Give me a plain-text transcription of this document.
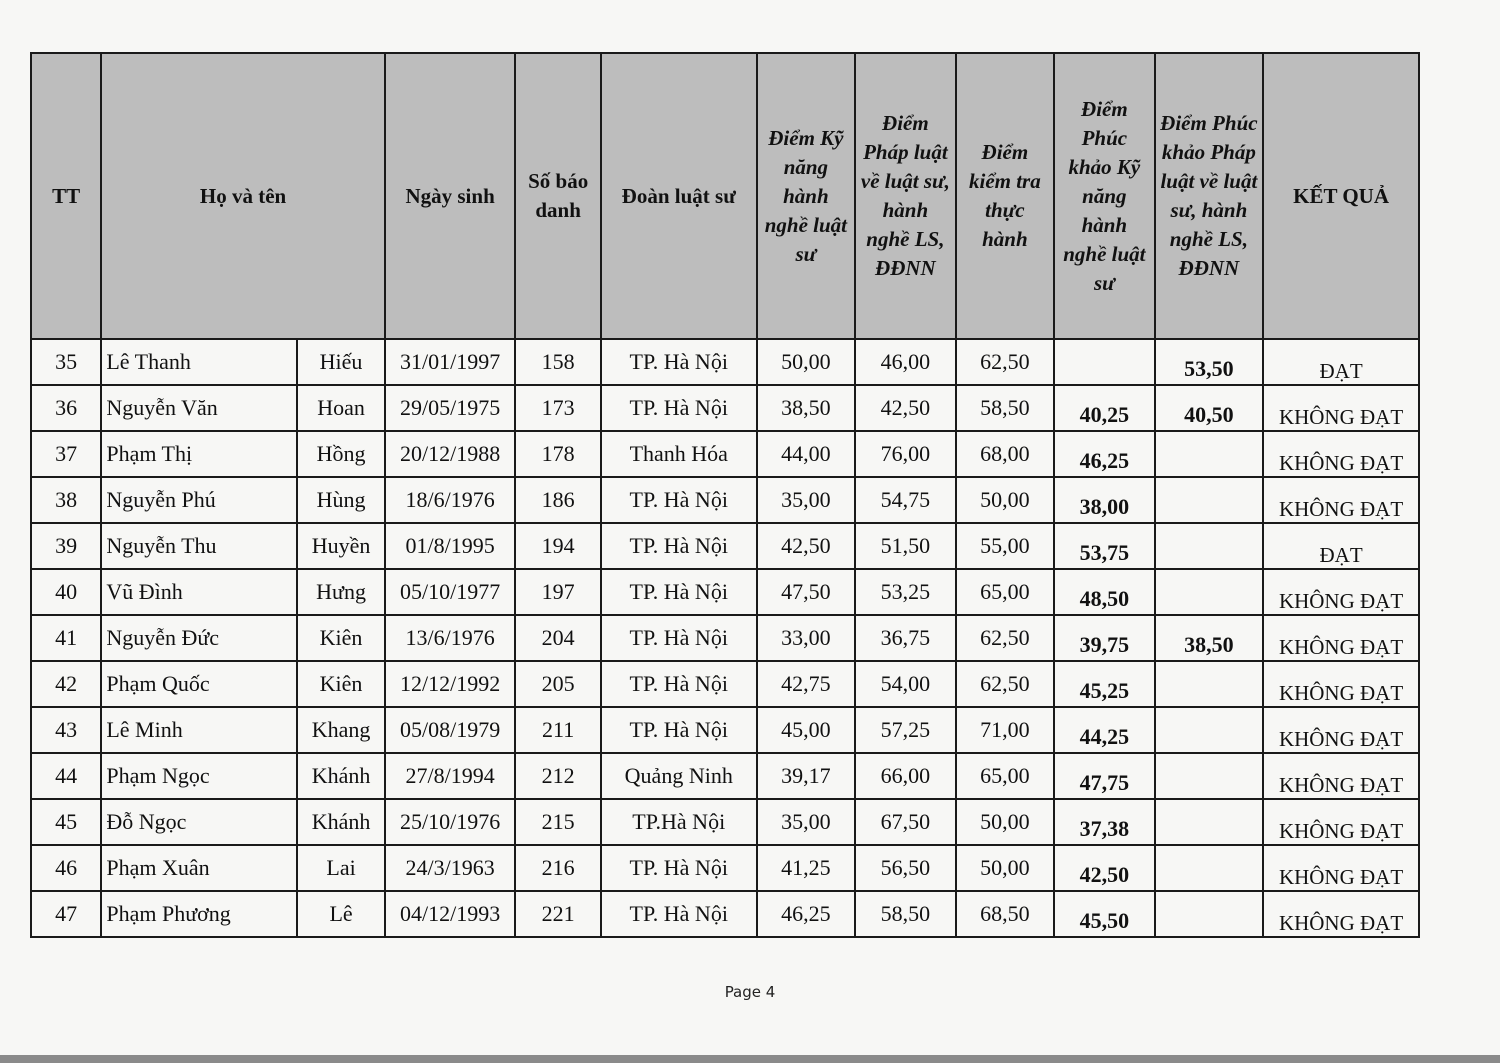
TT	Họ và tên		Ngày sinh	Số báo danh	Đoàn luật sư	Điểm Kỹ năng hành nghề luật sư	Điểm Pháp luật về luật sư, hành nghề LS, ĐĐNN	Điểm kiểm tra thực hành	Điểm Phúc khảo Kỹ năng hành nghề luật sư	Điểm Phúc khảo Pháp luật về luật sư, hành nghề LS, ĐĐNN	KẾT QUẢ
35	Lê Thanh	Hiếu	31/01/1997	158	TP. Hà Nội	50,00	46,00	62,50		53,50	ĐẠT
36	Nguyễn Văn	Hoan	29/05/1975	173	TP. Hà Nội	38,50	42,50	58,50	40,25	40,50	KHÔNG ĐẠT
37	Phạm Thị	Hồng	20/12/1988	178	Thanh Hóa	44,00	76,00	68,00	46,25		KHÔNG ĐẠT
38	Nguyễn Phú	Hùng	18/6/1976	186	TP. Hà Nội	35,00	54,75	50,00	38,00		KHÔNG ĐẠT
39	Nguyễn Thu	Huyền	01/8/1995	194	TP. Hà Nội	42,50	51,50	55,00	53,75		ĐẠT
40	Vũ Đình	Hưng	05/10/1977	197	TP. Hà Nội	47,50	53,25	65,00	48,50		KHÔNG ĐẠT
41	Nguyễn Đức	Kiên	13/6/1976	204	TP. Hà Nội	33,00	36,75	62,50	39,75	38,50	KHÔNG ĐẠT
42	Phạm Quốc	Kiên	12/12/1992	205	TP. Hà Nội	42,75	54,00	62,50	45,25		KHÔNG ĐẠT
43	Lê Minh	Khang	05/08/1979	211	TP. Hà Nội	45,00	57,25	71,00	44,25		KHÔNG ĐẠT
44	Phạm Ngọc	Khánh	27/8/1994	212	Quảng Ninh	39,17	66,00	65,00	47,75		KHÔNG ĐẠT
45	Đỗ Ngọc	Khánh	25/10/1976	215	TP.Hà Nội	35,00	67,50	50,00	37,38		KHÔNG ĐẠT
46	Phạm Xuân	Lai	24/3/1963	216	TP. Hà Nội	41,25	56,50	50,00	42,50		KHÔNG ĐẠT
47	Phạm Phương	Lê	04/12/1993	221	TP. Hà Nội	46,25	58,50	68,50	45,50		KHÔNG ĐẠT
Page 4
